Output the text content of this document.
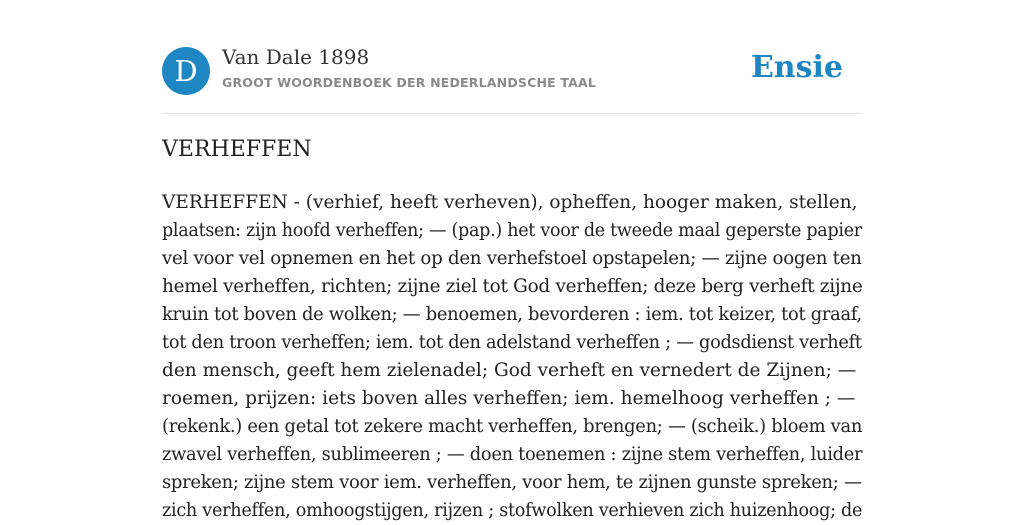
D	Van Dale 1898
GROOT WOORDENBOEK DER NEDERLANDSCHE TAAL	Ensie
VERHEFFEN

VERHEFFEN - (verhief, heeft verheven), opheffen, hooger maken, stellen,
plaatsen: zijn hoofd verheffen; — (pap.) het voor de tweede maal geperste papier
vel voor vel opnemen en het op den verhefstoel opstapelen; — zijne oogen ten
hemel verheffen, richten; zijne ziel tot God verheffen; deze berg verheft zijne
kruin tot boven de wolken; — benoemen, bevorderen : iem. tot keizer, tot graaf,
tot den troon verheffen; iem. tot den adelstand verheffen ; — godsdienst verheft
den mensch, geeft hem zielenadel; God verheft en vernedert de Zijnen; —
roemen, prijzen: iets boven alles verheffen; iem. hemelhoog verheffen ; —
(rekenk.) een getal tot zekere macht verheffen, brengen; — (scheik.) bloem van
zwavel verheffen, sublimeeren ; — doen toenemen : zijne stem verheffen, luider
spreken; zijne stem voor iem. verheffen, voor hem, te zijnen gunste spreken; —
zich verheffen, omhoogstijgen, rijzen ; stofwolken verhieven zich huizenhoog; de
